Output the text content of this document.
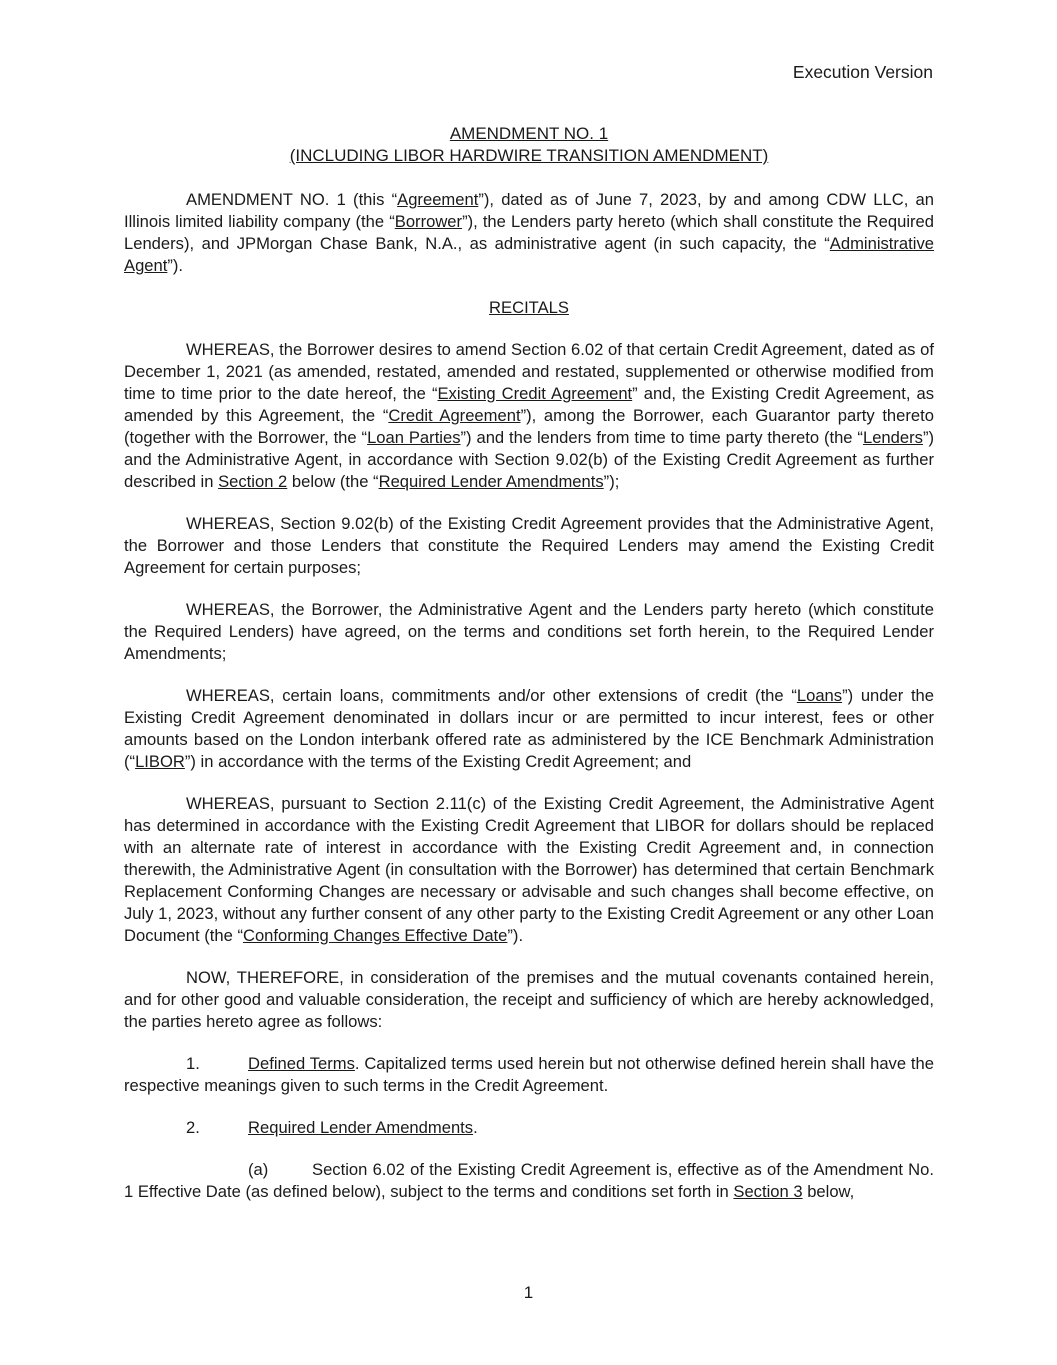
Execution Version
AMENDMENT NO. 1
(INCLUDING LIBOR HARDWIRE TRANSITION AMENDMENT)

AMENDMENT NO. 1 (this “Agreement”), dated as of June 7, 2023, by and among CDW LLC, an Illinois limited liability company (the “Borrower”), the Lenders party hereto (which shall constitute the Required Lenders), and JPMorgan Chase Bank, N.A., as administrative agent (in such capacity, the “Administrative Agent”).

RECITALS

WHEREAS, the Borrower desires to amend Section 6.02 of that certain Credit Agreement, dated as of December 1, 2021 (as amended, restated, amended and restated, supplemented or otherwise modified from time to time prior to the date hereof, the “Existing Credit Agreement” and, the Existing Credit Agreement, as amended by this Agreement, the “Credit Agreement”), among the Borrower, each Guarantor party thereto (together with the Borrower, the “Loan Parties”) and the lenders from time to time party thereto (the “Lenders”) and the Administrative Agent, in accordance with Section 9.02(b) of the Existing Credit Agreement as further described in Section 2 below (the “Required Lender Amendments”);

WHEREAS, Section 9.02(b) of the Existing Credit Agreement provides that the Administrative Agent, the Borrower and those Lenders that constitute the Required Lenders may amend the Existing Credit Agreement for certain purposes;

WHEREAS, the Borrower, the Administrative Agent and the Lenders party hereto (which constitute the Required Lenders) have agreed, on the terms and conditions set forth herein, to the Required Lender Amendments;

WHEREAS, certain loans, commitments and/or other extensions of credit (the “Loans”) under the Existing Credit Agreement denominated in dollars incur or are permitted to incur interest, fees or other amounts based on the London interbank offered rate as administered by the ICE Benchmark Administration (“LIBOR”) in accordance with the terms of the Existing Credit Agreement; and

WHEREAS, pursuant to Section 2.11(c) of the Existing Credit Agreement, the Administrative Agent has determined in accordance with the Existing Credit Agreement that LIBOR for dollars should be replaced with an alternate rate of interest in accordance with the Existing Credit Agreement and, in connection therewith, the Administrative Agent (in consultation with the Borrower) has determined that certain Benchmark Replacement Conforming Changes are necessary or advisable and such changes shall become effective, on July 1, 2023, without any further consent of any other party to the Existing Credit Agreement or any other Loan Document (the “Conforming Changes Effective Date”).

NOW, THEREFORE, in consideration of the premises and the mutual covenants contained herein, and for other good and valuable consideration, the receipt and sufficiency of which are hereby acknowledged, the parties hereto agree as follows:

1.	Defined Terms. Capitalized terms used herein but not otherwise defined herein shall have the respective meanings given to such terms in the Credit Agreement.

2.	Required Lender Amendments.

(a)	Section 6.02 of the Existing Credit Agreement is, effective as of the Amendment No. 1 Effective Date (as defined below), subject to the terms and conditions set forth in Section 3 below,

1
